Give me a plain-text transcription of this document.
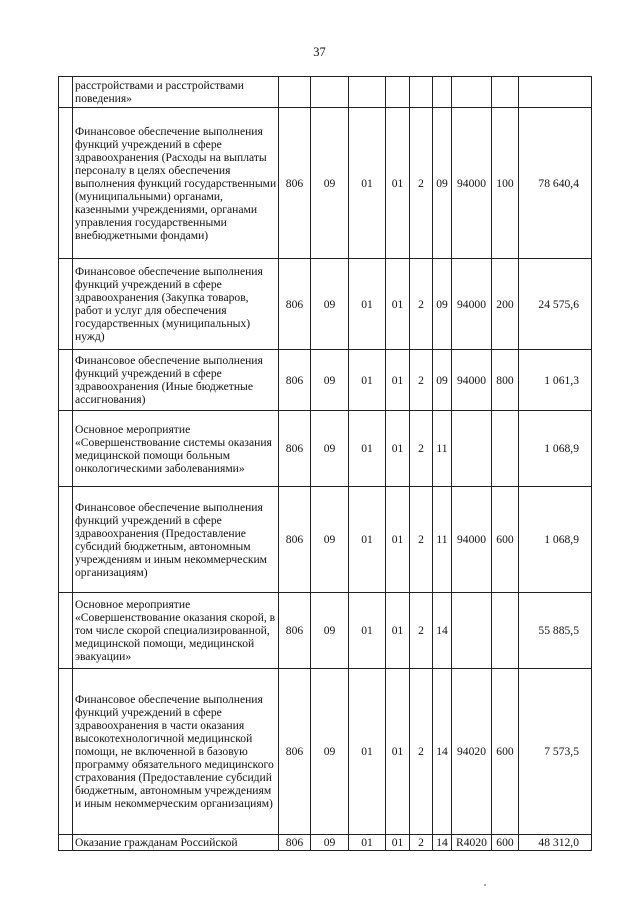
37
	расстройствами и расстройствами поведения»									
	Финансовое обеспечение выполнения функций учреждений в сфере здравоохранения (Расходы на выплаты персоналу в целях обеспечения выполнения функций государственными (муниципальными) органами, казенными учреждениями, органами управления государственными внебюджетными фондами)	806	09	01	01	2	09	94000	100	78 640,4
	Финансовое обеспечение выполнения функций учреждений в сфере здравоохранения (Закупка товаров, работ и услуг для обеспечения государственных (муниципальных) нужд)	806	09	01	01	2	09	94000	200	24 575,6
	Финансовое обеспечение выполнения функций учреждений в сфере здравоохранения (Иные бюджетные ассигнования)	806	09	01	01	2	09	94000	800	1 061,3
	Основное мероприятие «Совершенствование системы оказания медицинской помощи больным онкологическими заболеваниями»	806	09	01	01	2	11			1 068,9
	Финансовое обеспечение выполнения функций учреждений в сфере здравоохранения (Предоставление субсидий бюджетным, автономным учреждениям и иным некоммерческим организациям)	806	09	01	01	2	11	94000	600	1 068,9
	Основное мероприятие «Совершенствование оказания скорой, в том числе скорой специализированной, медицинской помощи, медицинской эвакуации»	806	09	01	01	2	14			55 885,5
	Финансовое обеспечение выполнения функций учреждений в сфере здравоохранения в части оказания высокотехнологичной медицинской помощи, не включенной в базовую программу обязательного медицинского страхования (Предоставление субсидий бюджетным, автономным учреждениям и иным некоммерческим организациям)	806	09	01	01	2	14	94020	600	7 573,5
	Оказание гражданам Российской	806	09	01	01	2	14	R4020	600	48 312,0
